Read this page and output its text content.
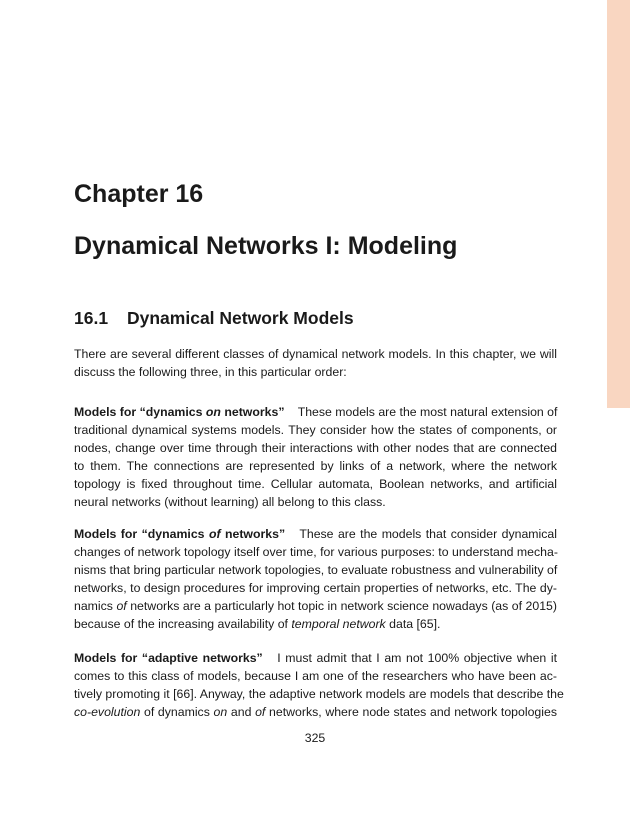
Chapter 16
Dynamical Networks I: Modeling
16.1 Dynamical Network Models

There are several different classes of dynamical network models. In this chapter, we will
discuss the following three, in this particular order:

Models for “dynamics on networks” These models are the most natural extension of
traditional dynamical systems models. They consider how the states of components, or
nodes, change over time through their interactions with other nodes that are connected
to them. The connections are represented by links of a network, where the network
topology is fixed throughout time. Cellular automata, Boolean networks, and artificial
neural networks (without learning) all belong to this class.

Models for “dynamics of networks” These are the models that consider dynamical
changes of network topology itself over time, for various purposes: to understand mecha-
nisms that bring particular network topologies, to evaluate robustness and vulnerability of
networks, to design procedures for improving certain properties of networks, etc. The dy-
namics of networks are a particularly hot topic in network science nowadays (as of 2015)
because of the increasing availability of temporal network data [65].

Models for “adaptive networks” I must admit that I am not 100% objective when it
comes to this class of models, because I am one of the researchers who have been ac-
tively promoting it [66]. Anyway, the adaptive network models are models that describe the
co-evolution of dynamics on and of networks, where node states and network topologies

325
